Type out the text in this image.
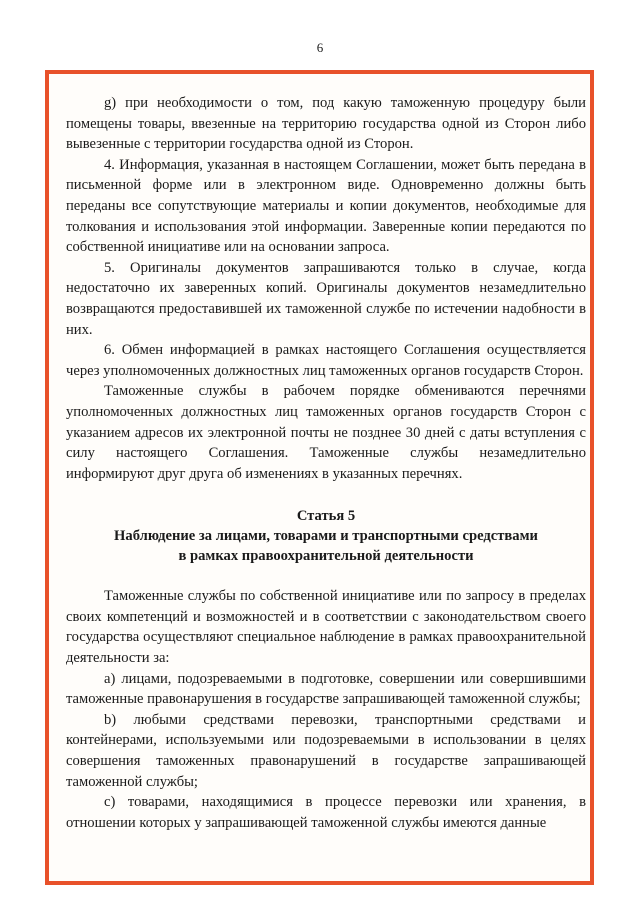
6

g) при необходимости о том, под какую таможенную процедуру были помещены товары, ввезенные на территорию государства одной из Сторон либо вывезенные с территории государства одной из Сторон.

4. Информация, указанная в настоящем Соглашении, может быть передана в письменной форме или в электронном виде. Одновременно должны быть переданы все сопутствующие материалы и копии документов, необходимые для толкования и использования этой информации. Заверенные копии передаются по собственной инициативе или на основании запроса.

5. Оригиналы документов запрашиваются только в случае, когда недостаточно их заверенных копий. Оригиналы документов незамедлительно возвращаются предоставившей их таможенной службе по истечении надобности в них.

6. Обмен информацией в рамках настоящего Соглашения осуществляется через уполномоченных должностных лиц таможенных органов государств Сторон.

Таможенные службы в рабочем порядке обмениваются перечнями уполномоченных должностных лиц таможенных органов государств Сторон с указанием адресов их электронной почты не позднее 30 дней с даты вступления с силу настоящего Соглашения. Таможенные службы незамедлительно информируют друг друга об изменениях в указанных перечнях.

Статья 5
Наблюдение за лицами, товарами и транспортными средствами
в рамках правоохранительной деятельности

Таможенные службы по собственной инициативе или по запросу в пределах своих компетенций и возможностей и в соответствии с законодательством своего государства осуществляют специальное наблюдение в рамках правоохранительной деятельности за:

а) лицами, подозреваемыми в подготовке, совершении или совершившими таможенные правонарушения в государстве запрашивающей таможенной службы;

b) любыми средствами перевозки, транспортными средствами и контейнерами, используемыми или подозреваемыми в использовании в целях совершения таможенных правонарушений в государстве запрашивающей таможенной службы;

с) товарами, находящимися в процессе перевозки или хранения, в отношении которых у запрашивающей таможенной службы имеются данные
